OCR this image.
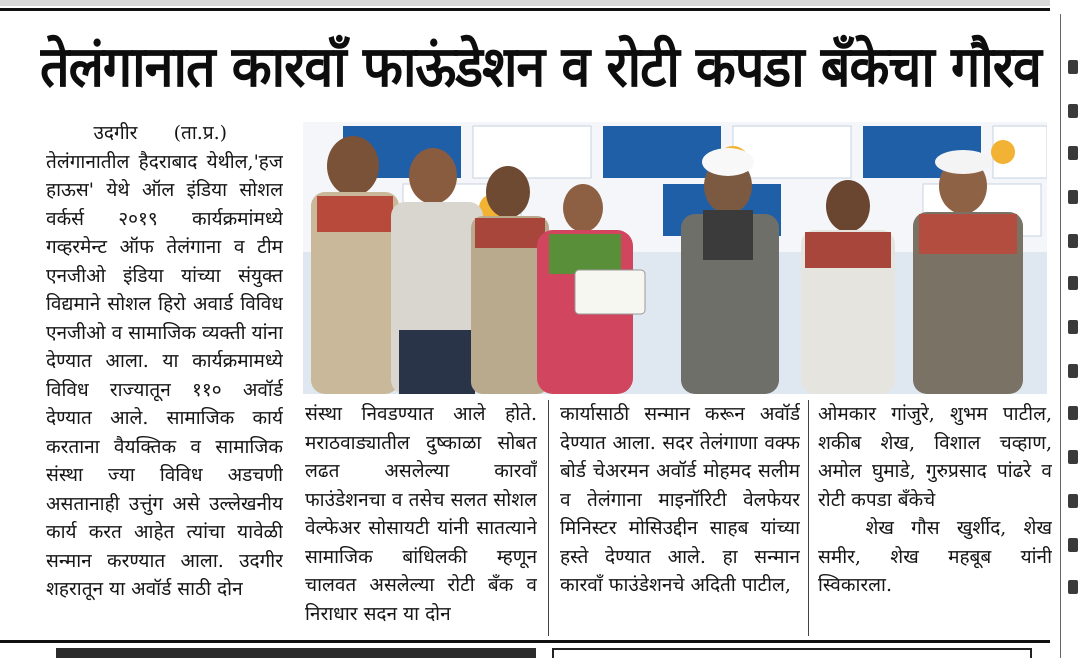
तेलंगानात कारवाँ फाऊंडेशन व रोटी कपडा बँकेचा गौरव

उदगीर      (ता.प्र.)

तेलंगानातील हैदराबाद येथील,'हज हाऊस' येथे ऑल इंडिया सोशल वर्कर्स २०१९ कार्यक्रमांमध्ये गव्हरमेन्ट ऑफ तेलंगाना व टीम एनजीओ इंडिया यांच्या संयुक्त विद्यमाने सोशल हिरो अवार्ड विविध एनजीओ व सामाजिक व्यक्ती यांना देण्यात आला. या कार्यक्रमामध्ये विविध राज्यातून ११० अवॉर्ड देण्यात आले. सामाजिक कार्य करताना वैयक्तिक व सामाजिक संस्था ज्या विविध अडचणी असतानाही उत्तुंग असे उल्लेखनीय कार्य करत आहेत त्यांचा यावेळी सन्मान करण्यात आला. उदगीर शहरातून या अवॉर्ड साठी दोन

संस्था निवडण्यात आले होते. मराठवाड्यातील दुष्काळा सोबत लढत असलेल्या कारवाँ फाउंडेशनचा व तसेच सलत सोशल वेल्फेअर सोसायटी यांनी सातत्याने सामाजिक बांधिलकी म्हणून चालवत असलेल्या रोटी बँक व निराधार सदन या दोन

कार्यासाठी सन्मान करून अवॉर्ड देण्यात आला. सदर तेलंगाणा वक्फ बोर्ड चेअरमन अवॉर्ड मोहमद सलीम व तेलंगाना माइनॉरिटी वेलफेयर मिनिस्टर मोसिउद्दीन साहब यांच्या हस्ते देण्यात आले. हा सन्मान कारवाँ फाउंडेशनचे अदिती पाटील,

ओमकार गांजुरे, शुभम पाटील, शकीब शेख, विशाल चव्हाण, अमोल घुमाडे, गुरुप्रसाद पांढरे व रोटी कपडा बँकेचे

शेख गौस खुर्शीद, शेख समीर, शेख महबूब यांनी स्विकारला.
